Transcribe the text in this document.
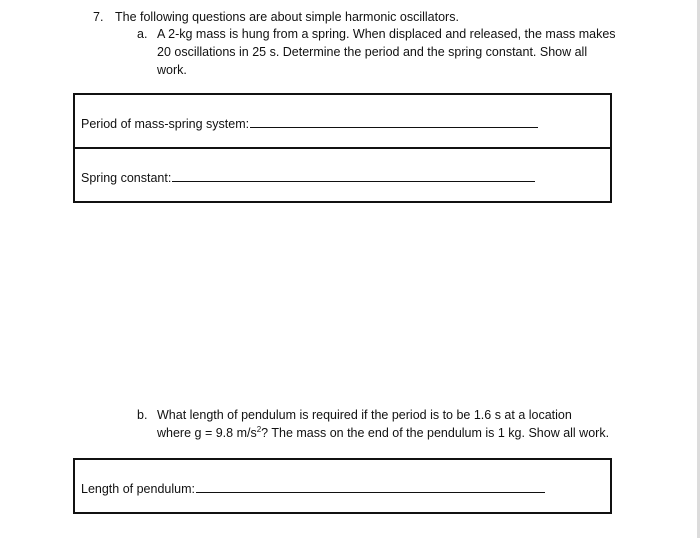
7. The following questions are about simple harmonic oscillators.
a. A 2-kg mass is hung from a spring. When displaced and released, the mass makes
20 oscillations in 25 s. Determine the period and the spring constant. Show all
work.
Period of mass-spring system:
Spring constant:
b. What length of pendulum is required if the period is to be 1.6 s at a location
where g = 9.8 $m/s^2$? The mass on the end of the pendulum is 1 kg. Show all work.
Length of pendulum:
